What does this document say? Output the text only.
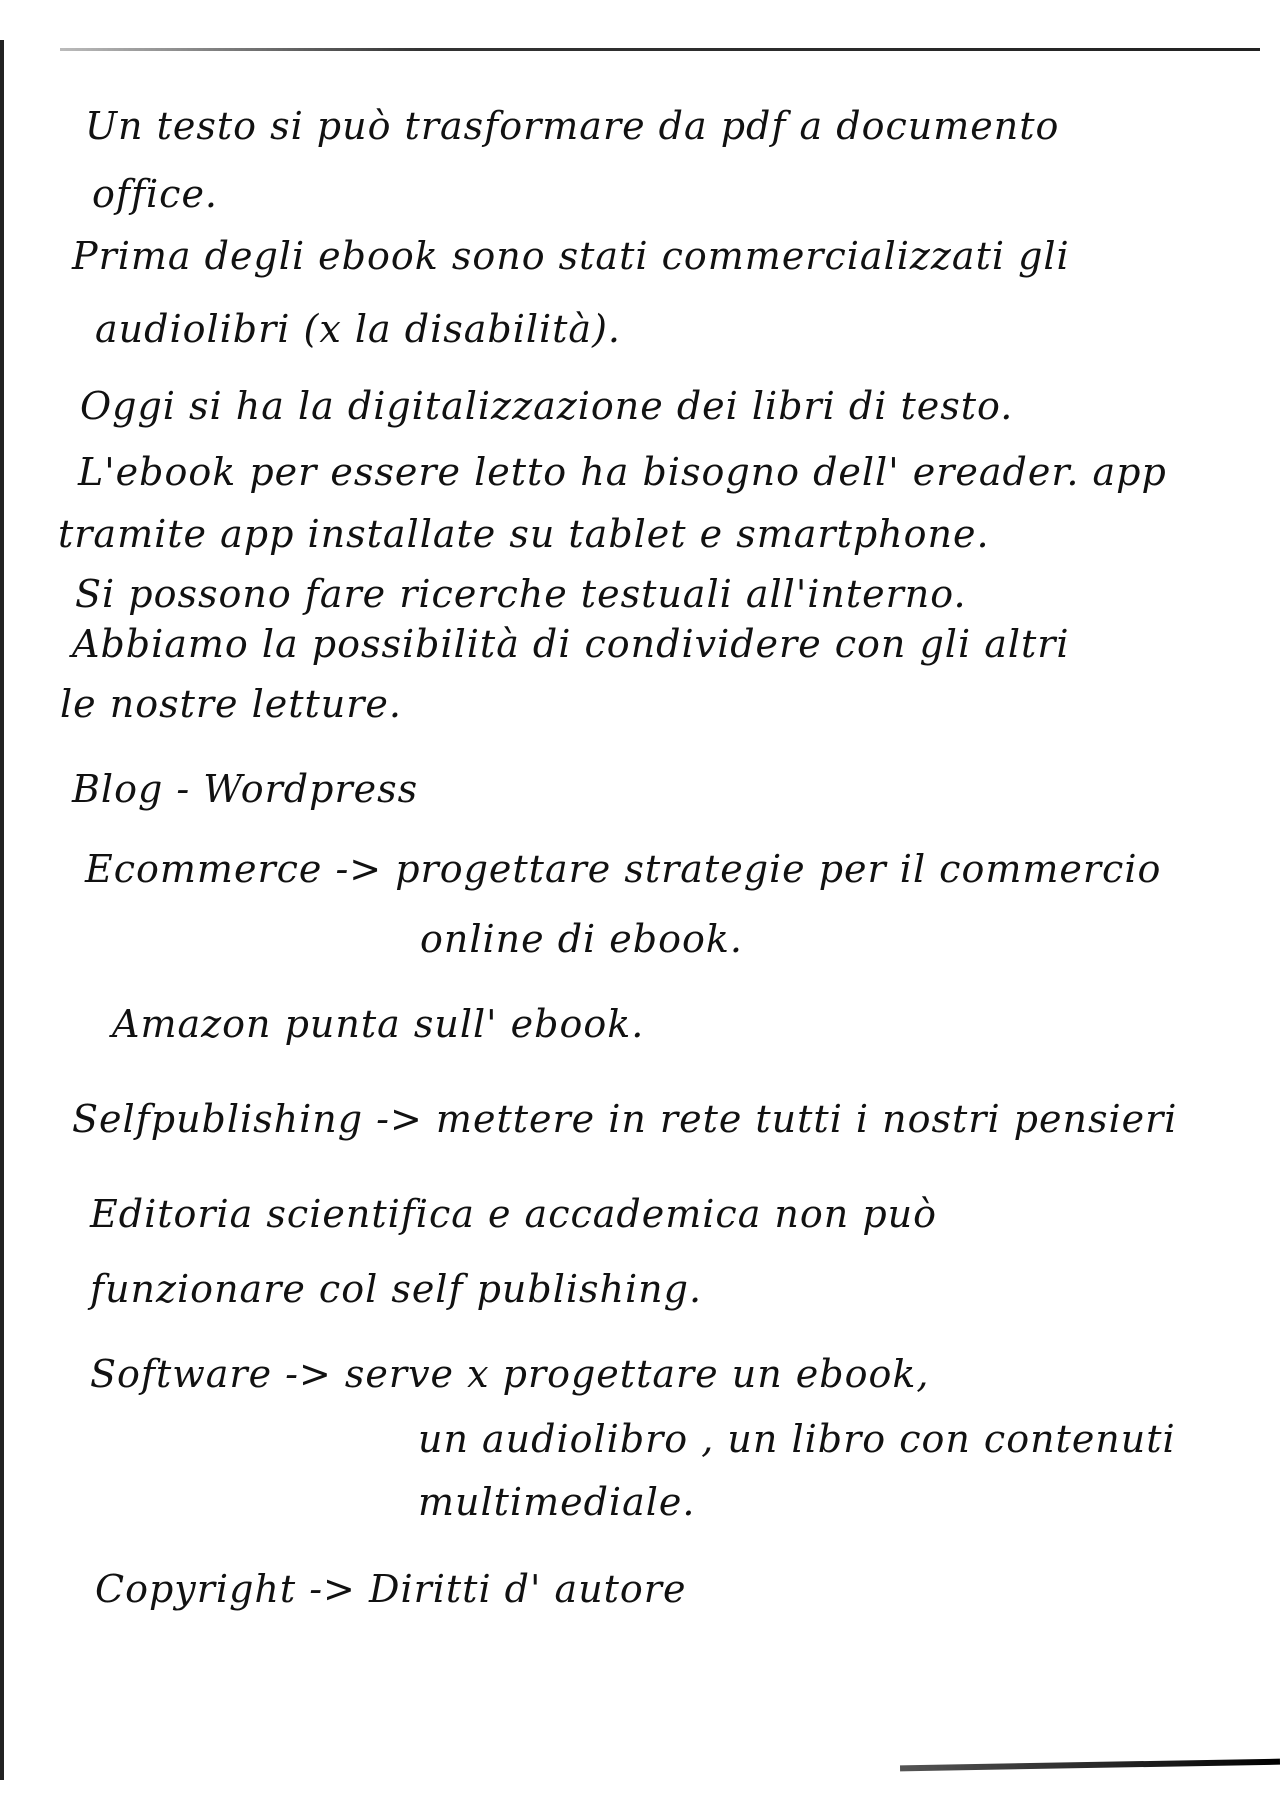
Un testo si può trasformare da pdf a documento
office.
Prima degli ebook sono stati commercializzati gli
audiolibri (x la disabilità).
Oggi si ha la digitalizzazione dei libri di testo.
L'ebook per essere letto ha bisogno dell' ereader. app
tramite app installate su tablet e smartphone.
Si possono fare ricerche testuali all'interno.
Abbiamo la possibilità di condividere con gli altri
le nostre letture.
Blog - Wordpress
Ecommerce -> progettare strategie per il commercio
online di ebook.
Amazon punta sull' ebook.
Selfpublishing -> mettere in rete tutti i nostri pensieri
Editoria scientifica e accademica non può
funzionare col self publishing.
Software -> serve x progettare un ebook,
un audiolibro , un libro con contenuti
multimediale.
Copyright -> Diritti d' autore
